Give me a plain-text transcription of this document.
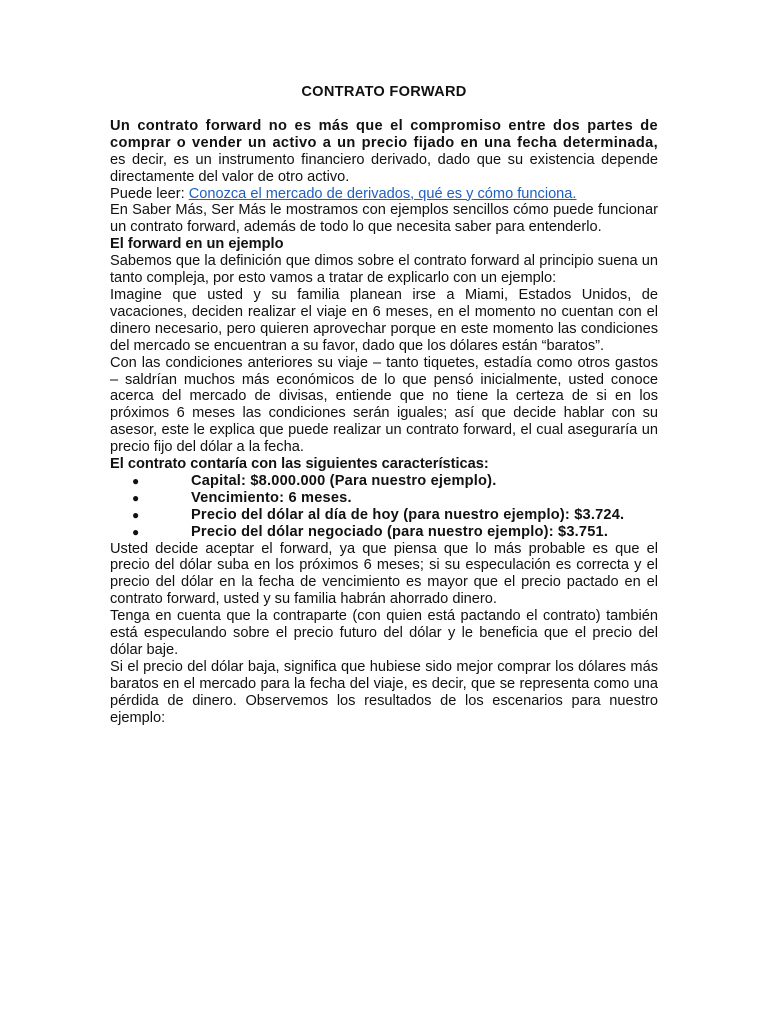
CONTRATO FORWARD

Un contrato forward no es más que el compromiso entre dos partes de comprar o vender un activo a un precio fijado en una fecha determinada, es decir, es un instrumento financiero derivado, dado que su existencia depende directamente del valor de otro activo.

Puede leer: Conozca el mercado de derivados, qué es y cómo funciona.

En Saber Más, Ser Más le mostramos con ejemplos sencillos cómo puede funcionar un contrato forward, además de todo lo que necesita saber para entenderlo.

El forward en un ejemplo

Sabemos que la definición que dimos sobre el contrato forward al principio suena un tanto compleja, por esto vamos a tratar de explicarlo con un ejemplo:

Imagine que usted y su familia planean irse a Miami, Estados Unidos, de vacaciones, deciden realizar el viaje en 6 meses, en el momento no cuentan con el dinero necesario, pero quieren aprovechar porque en este momento las condiciones del mercado se encuentran a su favor, dado que los dólares están “baratos”.

Con las condiciones anteriores su viaje – tanto tiquetes, estadía como otros gastos – saldrían muchos más económicos de lo que pensó inicialmente, usted conoce acerca del mercado de divisas, entiende que no tiene la certeza de si en los próximos 6 meses las condiciones serán iguales; así que decide hablar con su asesor, este le explica que puede realizar un contrato forward, el cual aseguraría un precio fijo del dólar a la fecha.

El contrato contaría con las siguientes características:

●	Capital: $8.000.000 (Para nuestro ejemplo).
●	Vencimiento: 6 meses.
●	Precio del dólar al día de hoy (para nuestro ejemplo): $3.724.
●	Precio del dólar negociado (para nuestro ejemplo): $3.751.

Usted decide aceptar el forward, ya que piensa que lo más probable es que el precio del dólar suba en los próximos 6 meses; si su especulación es correcta y el precio del dólar en la fecha de vencimiento es mayor que el precio pactado en el contrato forward, usted y su familia habrán ahorrado dinero.

Tenga en cuenta que la contraparte (con quien está pactando el contrato) también está especulando sobre el precio futuro del dólar y le beneficia que el precio del dólar baje.

Si el precio del dólar baja, significa que hubiese sido mejor comprar los dólares más baratos en el mercado para la fecha del viaje, es decir, que se representa como una pérdida de dinero. Observemos los resultados de los escenarios para nuestro ejemplo:
